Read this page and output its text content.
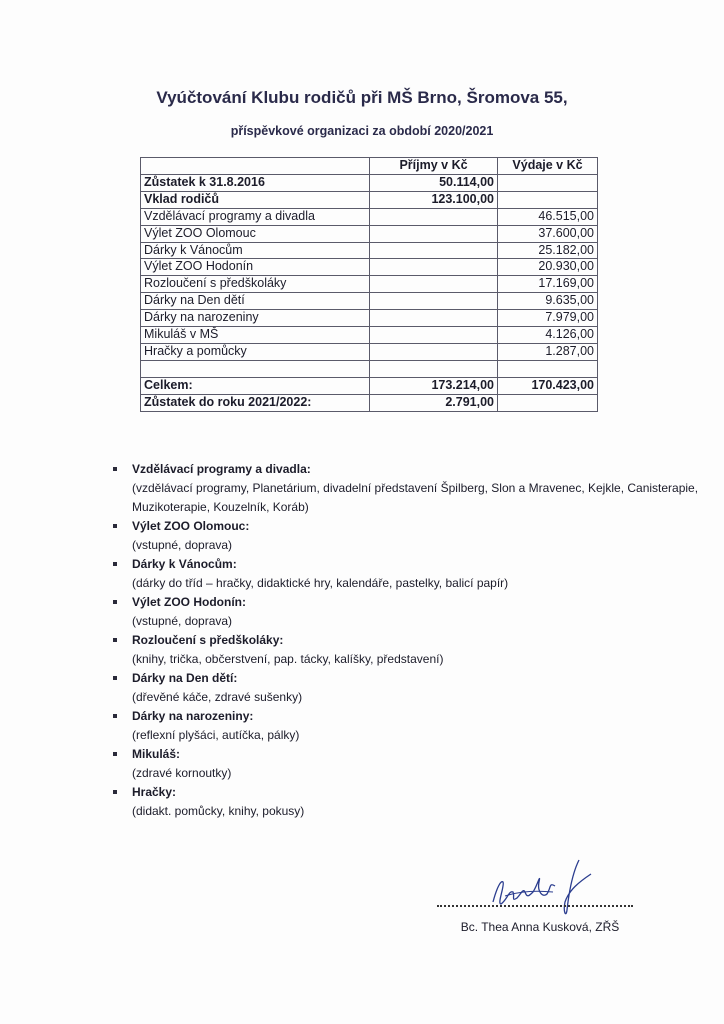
Vyúčtování Klubu rodičů při MŠ Brno, Šromova 55,
příspěvkové organizaci za období 2020/2021
	Příjmy v Kč	Výdaje v Kč
Zůstatek k 31.8.2016	50.114,00	
Vklad rodičů	123.100,00	
Vzdělávací programy a divadla		46.515,00
Výlet ZOO Olomouc		37.600,00
Dárky k Vánocům		25.182,00
Výlet ZOO Hodonín		20.930,00
Rozloučení s předškoláky		17.169,00
Dárky na Den dětí		9.635,00
Dárky na narozeniny		7.979,00
Mikuláš v MŠ		4.126,00
Hračky a pomůcky		1.287,00

Celkem:	173.214,00	170.423,00
Zůstatek do roku 2021/2022:	2.791,00	
Vzdělávací programy a divadla:
(vzdělávací programy, Planetárium, divadelní představení Špilberg, Slon a Mravenec, Kejkle, Canisterapie, Muzikoterapie, Kouzelník, Koráb)
Výlet ZOO Olomouc:
(vstupné, doprava)
Dárky k Vánocům:
(dárky do tříd – hračky, didaktické hry, kalendáře, pastelky, balicí papír)
Výlet ZOO Hodonín:
(vstupné, doprava)
Rozloučení s předškoláky:
(knihy, trička, občerstvení, pap. tácky, kalíšky, představení)
Dárky na Den dětí:
(dřevěné káče, zdravé sušenky)
Dárky na narozeniny:
(reflexní plyšáci, autíčka, pálky)
Mikuláš:
(zdravé kornoutky)
Hračky:
(didakt. pomůcky, knihy, pokusy)
Bc. Thea Anna Kusková, ZŘŠ
